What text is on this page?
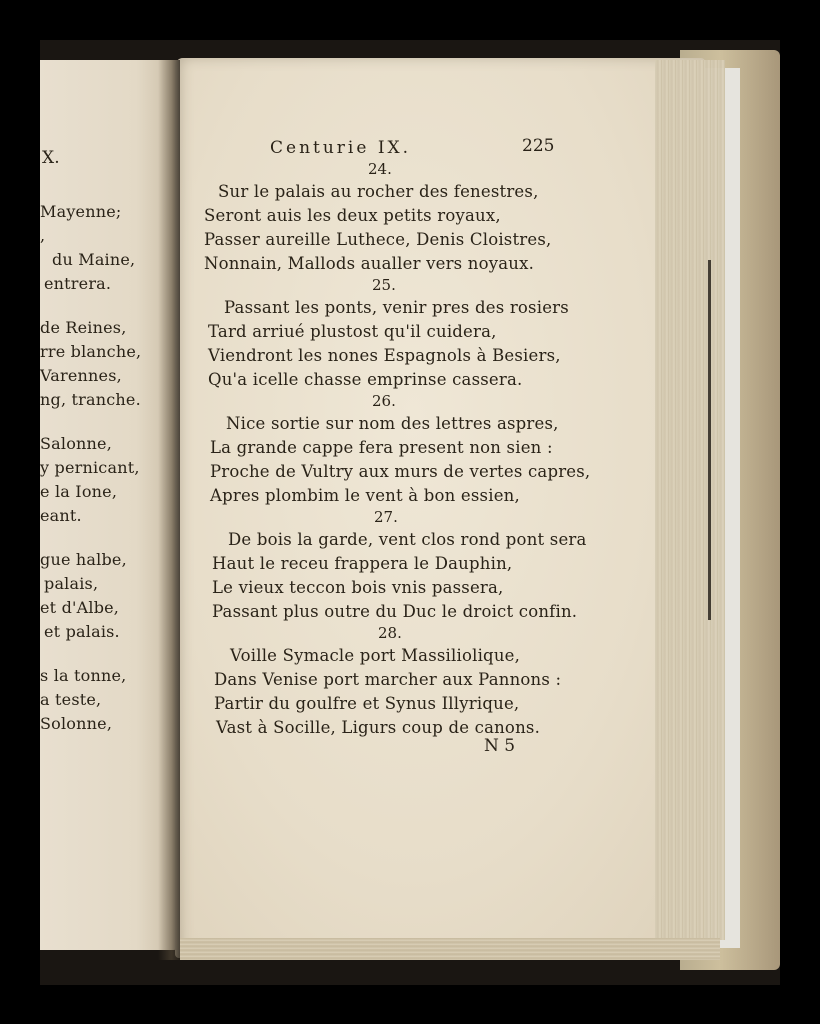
X.
Mayenne;
,
du Maine,
entrera.
de Reines,
rre blanche,
Varennes,
ng, tranche.
Salonne,
y pernicant,
e la Ione,
eant.
gue halbe,
palais,
et d'Albe,
et palais.
s la tonne,
a teste,
Solonne,
Centurie IX.	225
24.
Sur le palais au rocher des fenestres,
Seront auis les deux petits royaux,
Passer aureille Luthece, Denis Cloistres,
Nonnain, Mallods aualler vers noyaux.
25.
Passant les ponts, venir pres des rosiers
Tard arriué plustost qu'il cuidera,
Viendront les nones Espagnols à Besiers,
Qu'a icelle chasse emprinse cassera.
26.
Nice sortie sur nom des lettres aspres,
La grande cappe fera present non sien :
Proche de Vultry aux murs de vertes capres,
Apres plombim le vent à bon essien,
27.
De bois la garde, vent clos rond pont sera
Haut le receu frappera le Dauphin,
Le vieux teccon bois vnis passera,
Passant plus outre du Duc le droict confin.
28.
Voille Symacle port Massiliolique,
Dans Venise port marcher aux Pannons :
Partir du goulfre et Synus Illyrique,
Vast à Socille, Ligurs coup de canons.
N 5
